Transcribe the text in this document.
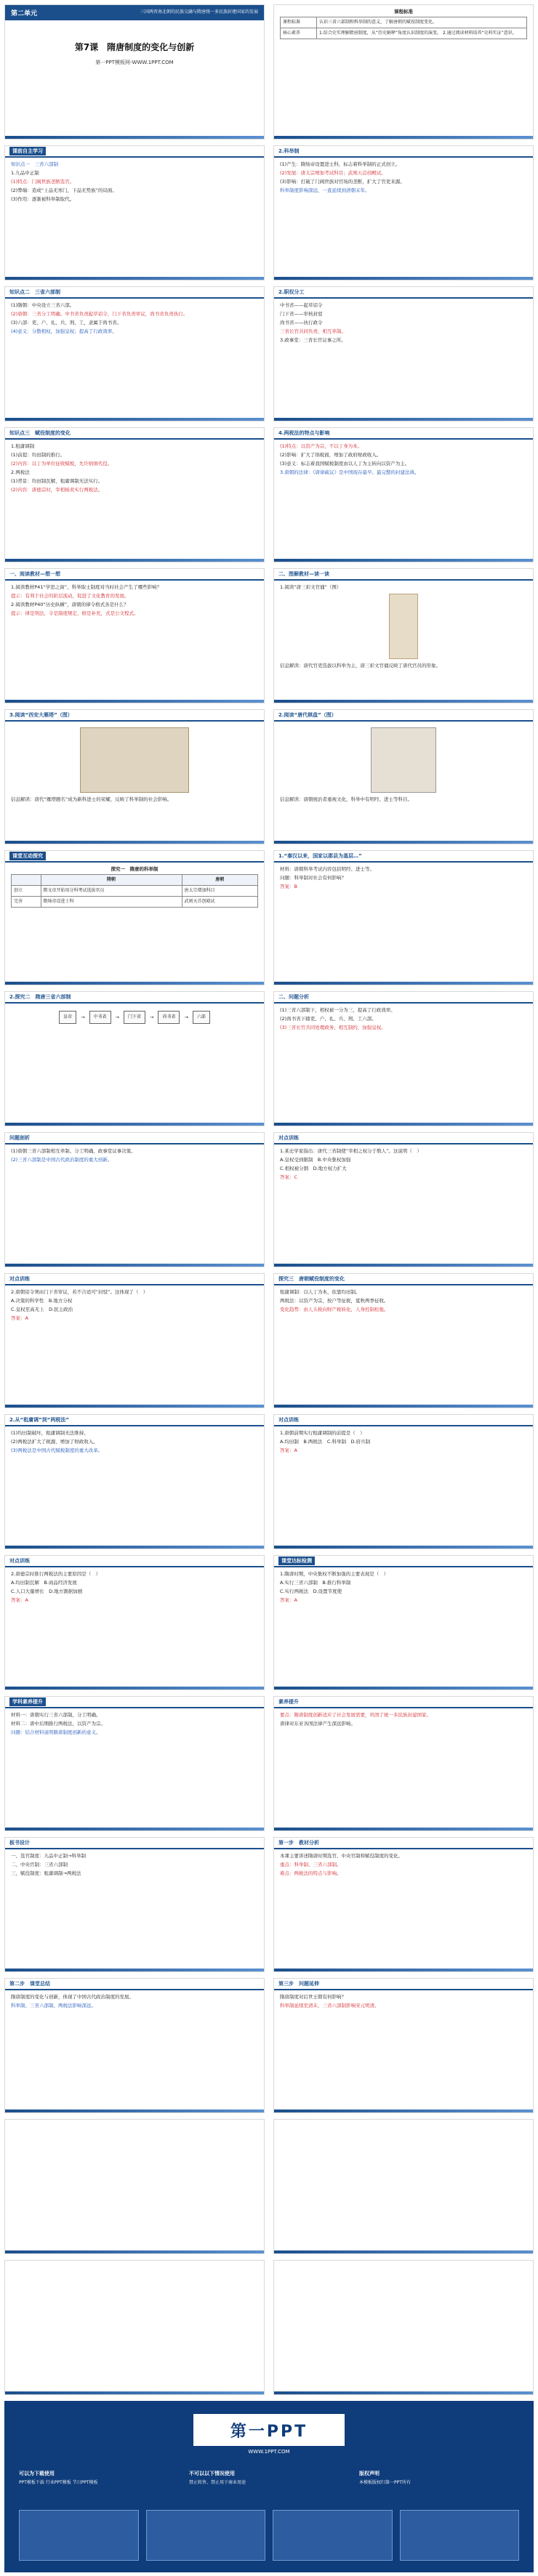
第二单元	三国两晋南北朝的民族交融与隋唐统一多民族封建国家的发展
第7课　隋唐制度的变化与创新
第一PPT模板网-WWW.1PPT.COM
课程标准
课程标准	认识三省六部制和科举制的意义，了解唐朝的赋役制度变化。
核心素养	1.结合史实理解隋唐制度，从“历史解释”角度认识制度的演变。 2.通过阅读材料培养“史料实证”意识。
课前自主学习
知识点一　三省六部制
1.九品中正制
(1)特点：门阀世族垄断选官。
(2)弊端：造成“上品无寒门，下品无势族”的局面。
(3)作用：逐渐被科举制取代。
2.科举制
(1)产生：隋炀帝设置进士科，标志着科举制的正式创立。
(2)发展：唐太宗增加考试科目；武则天首创殿试。
(3)影响：打破了门阀世族对官场的垄断，扩大了官吏来源。
科举制度影响深远，一直延续到清朝末年。
知识点二　三省六部制
(1)隋朝：中央设立三省六部。
(2)唐朝：三省分工明确。中书省负责起草诏令，门下省负责审议，尚书省负责执行。
(3)六部：吏、户、礼、兵、刑、工，隶属于尚书省。
(4)意义：分散相权，加强皇权；提高了行政效率。
2.职权分工
中书省——起草诏令
门下省——审核封驳
尚书省——执行政令
三省长官共同负责，相互牵制。
3.政事堂：三省长官议事之所。
知识点三　赋役制度的变化
1.租庸调制
(1)前提：均田制的推行。
(2)内容：以丁为单位征收赋税，允许纳绢代役。
2.两税法
(1)背景：均田制瓦解，租庸调制无法实行。
(2)内容：唐德宗时，宰相杨炎实行两税法。
4.两税法的特点与影响
(1)特点：以资产为宗，不以丁身为本。
(2)影响：扩大了纳税面，增加了政府财政收入。
(3)意义：标志着我国赋税制度由以人丁为主转向以资产为主。
3.唐朝的法律：《唐律疏议》是中国现存最早、最完整的封建法典。
一、阅读教材—想一想
1.阅读教材P41“学思之窗”，科举取士制度对当时社会产生了哪些影响？
提示：有利于社会的阶层流动，促进了文化教育的发展。
2.阅读教材P40“历史纵横”，唐朝的律令格式各是什么？
提示：律是刑法，令是制度规定，格是补充，式是公文程式。
二、图解教材—读一读
1.阅读“唐三彩文官俑”（图）
信息解读：唐代官吏选拔以科举为主，唐三彩文官俑反映了唐代官员的形象。
3.阅读“西安大雁塔”（图）
信息解读：唐代“雁塔题名”成为新科进士的荣耀，反映了科举制的社会影响。
2.阅读“唐代棋盘”（图）
信息解读：唐朝统治者重视文化，科举中有明经、进士等科目。
课堂互动探究
探究一　隋唐的科举制
	隋朝	唐朝
创立	隋文帝开始用分科考试选拔官员	唐太宗增加科目
完善	隋炀帝设进士科	武则天首创殿试
1.“秦汉以来，国家以郡县为基层…”
材料：唐朝科举考试内容包括明经、进士等。
问题：科举制对社会有何影响？
答案：B
2.探究二　隋唐三省六部制
皇帝	→	中书省	→	门下省	→	尚书省	→	六部
二、问题分析
(1)三省六部制下，相权被一分为三，提高了行政效率。
(2)尚书省下辖吏、户、礼、兵、刑、工六部。
(3)三省长官共同处理政务，相互制约，加强皇权。
问题剖析
(1)唐朝三省六部制相互牵制、分工明确，政事堂议事决策。
(2)三省六部制是中国古代政治制度的重大创新。
对点训练
1.某史学家指出：唐代三省制使“宰相之权分于数人”。这说明（　）
A.皇权受到限制　B.中央集权加强
C.相权被分割　D.地方权力扩大
答案：C
对点训练
2.唐朝诏令须由门下省审议，若不合适可“封驳”。这体现了（　）
A.决策的科学性　B.地方分权
C.皇权至高无上　D.民主政治
答案：A
探究三　唐朝赋役制度的变化
租庸调制：以人丁为本，依靠均田制。
两税法：以资产为宗，按户等征税，夏秋两季征收。
变化趋势：由人头税向财产税转化，人身控制松弛。
2.从“租庸调”到“两税法”
(1)均田制破坏，租庸调制无法维持。
(2)两税法扩大了税源，增加了财政收入。
(3)两税法是中国古代赋税制度的重大改革。
对点训练
1.唐朝前期实行租庸调制的前提是（　）
A.均田制　B.两税法　C.科举制　D.府兵制
答案：A
对点训练
2.唐德宗时推行两税法的主要原因是（　）
A.均田制瓦解　B.商品经济发展
C.人口大量增长　D.地方割据加剧
答案：A
课堂达标检测
1.隋唐时期，中央集权不断加强的主要表现是（　）
A.实行三省六部制　B.推行科举制
C.实行两税法　D.设置节度使
答案：A
学科素养提升
材料一：唐朝实行三省六部制，分工明确。
材料二：唐中后期推行两税法，以资产为宗。
问题：结合材料说明隋唐制度创新的意义。
素养提升
要点：隋唐制度创新适应了社会发展需要，巩固了统一多民族封建国家。
唐律对东亚各国法律产生深远影响。
板书设计
一、选官制度：九品中正制→科举制
二、中央官制：三省六部制
三、赋役制度：租庸调制→两税法
第一步　教材分析
本课主要讲述隋唐时期选官、中央官制和赋役制度的变化。
重点：科举制、三省六部制。
难点：两税法的特点与影响。
第二步　课堂总结
隋唐制度的变化与创新，体现了中国古代政治制度的发展。
科举制、三省六部制、两税法影响深远。
第三步　问题延伸
隋唐制度对后世王朝有何影响？
科举制延续至清末，三省六部制影响宋元明清。
第一PPT
WWW.1PPT.COM
可以为下载使用
PPT模板下载 行业PPT模板 节日PPT模板
不可以以下情况使用
禁止转售、禁止用于商业用途
版权声明
本模板版权归第一PPT所有
